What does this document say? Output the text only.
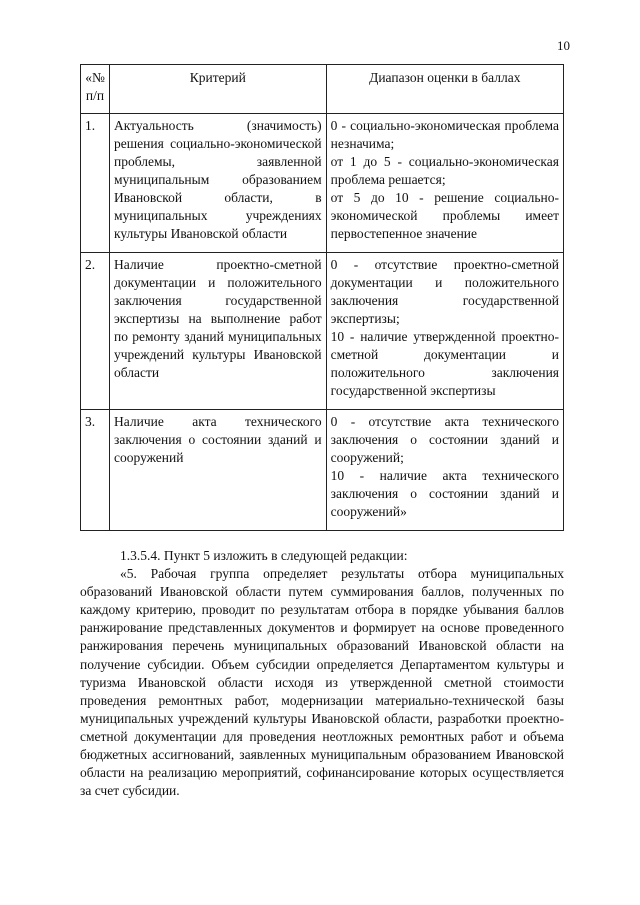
10
«№ п/п	Критерий	Диапазон оценки в баллах
1.	Актуальность (значимость) решения социально-экономической проблемы, заявленной муниципальным образованием Ивановской области, в муниципальных учреждениях культуры Ивановской области	0 - социально-экономическая проблема незначима;
от 1 до 5 - социально-экономическая проблема решается;
от 5 до 10 - решение социально-экономической проблемы имеет первостепенное значение

2.	Наличие проектно-сметной документации и положительного заключения государственной экспертизы на выполнение работ по ремонту зданий муниципальных учреждений культуры Ивановской области	0 - отсутствие проектно-сметной документации и положительного заключения государственной экспертизы;
10 - наличие утвержденной проектно-сметной документации и положительного заключения государственной экспертизы

3.	Наличие акта технического заключения о состоянии зданий и сооружений	0 - отсутствие акта технического заключения о состоянии зданий и сооружений;
10 - наличие акта технического заключения о состоянии зданий и сооружений»

1.3.5.4. Пункт 5 изложить в следующей редакции:

«5. Рабочая группа определяет результаты отбора муниципальных образований Ивановской области путем суммирования баллов, полученных по каждому критерию, проводит по результатам отбора в порядке убывания баллов ранжирование представленных документов и формирует на основе проведенного ранжирования перечень муниципальных образований Ивановской области на получение субсидии. Объем субсидии определяется Департаментом культуры и туризма Ивановской области исходя из утвержденной сметной стоимости проведения ремонтных работ, модернизации материально-технической базы муниципальных учреждений культуры Ивановской области, разработки проектно-сметной документации для проведения неотложных ремонтных работ и объема бюджетных ассигнований, заявленных муниципальным образованием Ивановской области на реализацию мероприятий, софинансирование которых осуществляется за счет субсидии.
